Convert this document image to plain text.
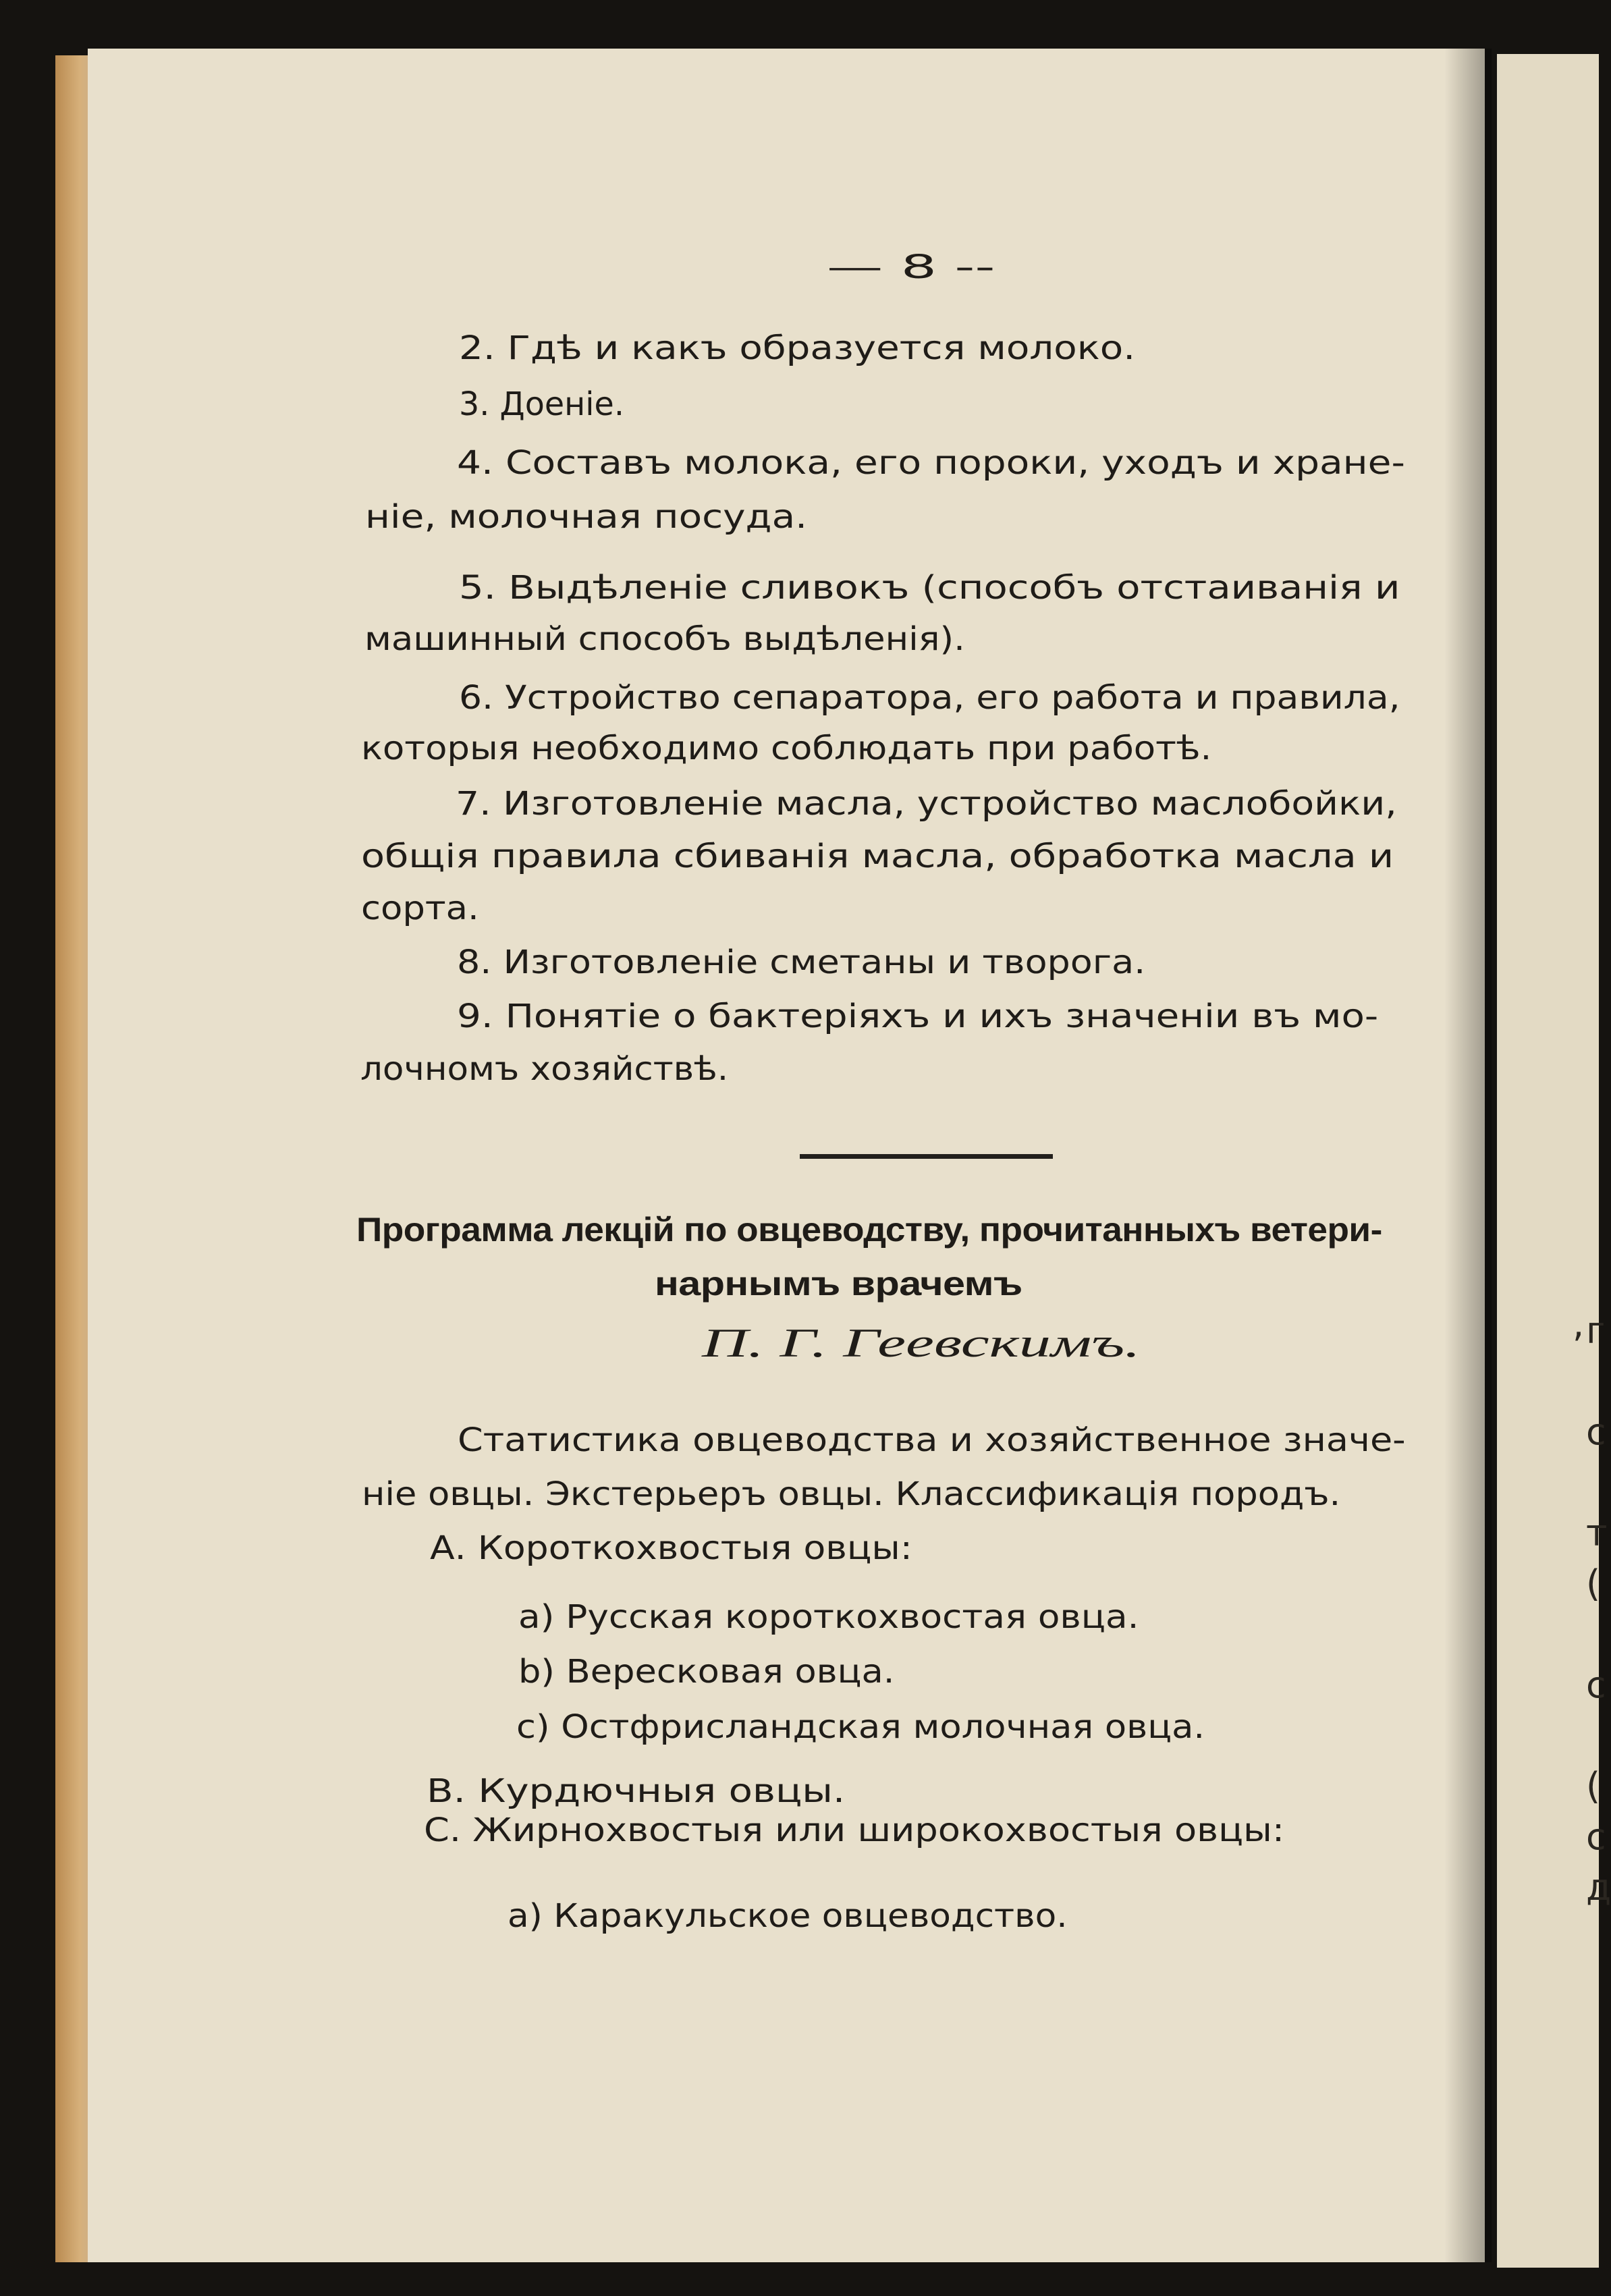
, г
с
т
(
с
(
с
д
— 8 --
2. Гдѣ и какъ образуется молоко.
3. Доеніе.
4. Составъ молока, его пороки, уходъ и хране-
ніе, молочная посуда.
5. Выдѣленіе сливокъ (способъ отстаиванія и
машинный способъ выдѣленія).
6. Устройство сепаратора, его работа и правила,
которыя необходимо соблюдать при работѣ.
7. Изготовленіе масла, устройство маслобойки,
общія правила сбиванія масла, обработка масла и
сорта.
8. Изготовленіе сметаны и творога.
9. Понятіе о бактеріяхъ и ихъ значеніи въ мо-
лочномъ хозяйствѣ.
Программа лекцій по овцеводству, прочитанныхъ ветери-
нарнымъ врачемъ
П. Г. Геевскимъ.
Статистика овцеводства и хозяйственное значе-
ніе овцы. Экстерьеръ овцы. Классификація породъ.
А. Короткохвостыя овцы:
а) Русская короткохвостая овца.
b) Вересковая овца.
с) Остфрисландская молочная овца.
В. Курдючныя овцы.
С. Жирнохвостыя или широкохвостыя овцы:
а) Каракульское овцеводство.
